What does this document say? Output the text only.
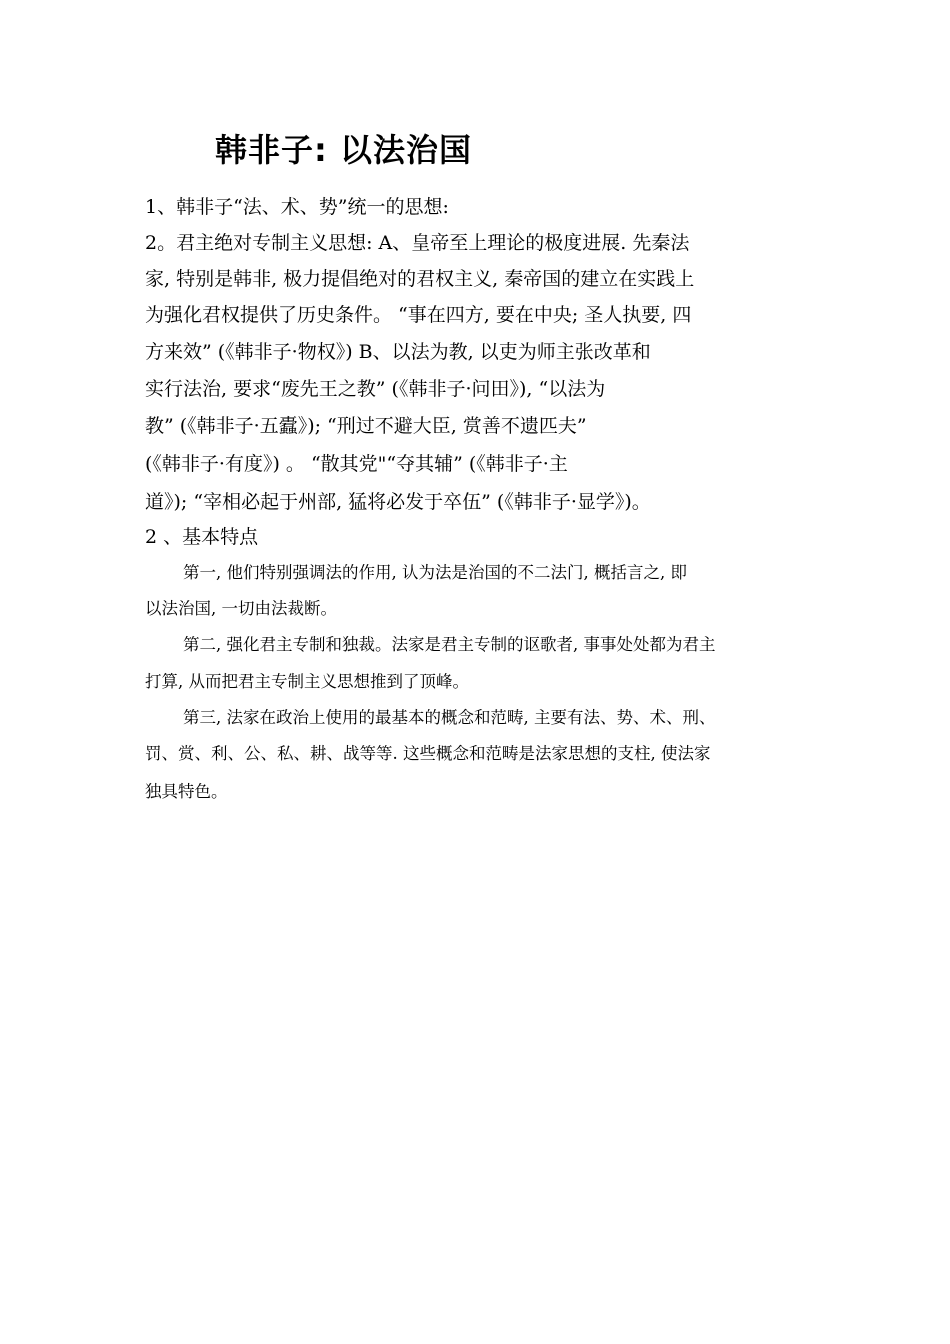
韩非子: 以法治国
1、韩非子“法、术、势”统一的思想:
2。君主绝对专制主义思想: A、皇帝至上理论的极度进展. 先秦法
家, 特别是韩非, 极力提倡绝对的君权主义, 秦帝国的建立在实践上
为强化君权提供了历史条件。 “事在四方, 要在中央; 圣人执要, 四
方来效” (《韩非子·物权》) B、以法为教, 以吏为师主张改革和
实行法治, 要求“废先王之教” (《韩非子·问田》), “以法为
教” (《韩非子·五蠹》); “刑过不避大臣, 赏善不遗匹夫”
(《韩非子·有度》) 。 “散其党"“夺其辅” (《韩非子·主
道》); “宰相必起于州部, 猛将必发于卒伍” (《韩非子·显学》)。
2 、基本特点
第一, 他们特别强调法的作用, 认为法是治国的不二法门, 概括言之, 即
以法治国, 一切由法裁断。
第二, 强化君主专制和独裁。法家是君主专制的讴歌者, 事事处处都为君主
打算, 从而把君主专制主义思想推到了顶峰。
第三, 法家在政治上使用的最基本的概念和范畴, 主要有法、势、术、刑、
罚、赏、利、公、私、耕、战等等. 这些概念和范畴是法家思想的支柱, 使法家
独具特色。
